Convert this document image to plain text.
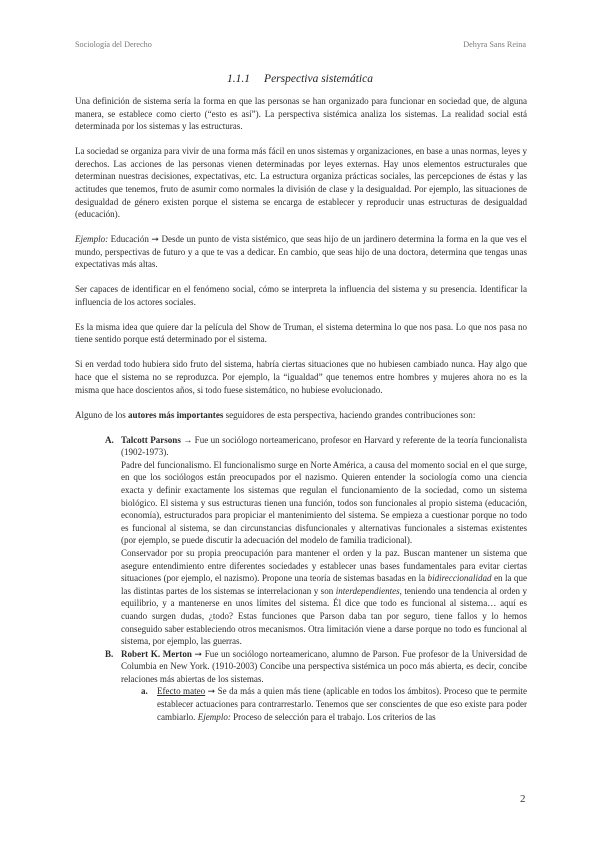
Sociología del Derecho	Dehyra Sans Reina
1.1.1 Perspectiva sistemática

Una definición de sistema sería la forma en que las personas se han organizado para funcionar en sociedad que, de alguna manera, se establece como cierto (“esto es así”). La perspectiva sistémica analiza los sistemas. La realidad social está determinada por los sistemas y las estructuras.

La sociedad se organiza para vivir de una forma más fácil en unos sistemas y organizaciones, en base a unas normas, leyes y derechos. Las acciones de las personas vienen determinadas por leyes externas. Hay unos elementos estructurales que determinan nuestras decisiones, expectativas, etc. La estructura organiza prácticas sociales, las percepciones de éstas y las actitudes que tenemos, fruto de asumir como normales la división de clase y la desigualdad. Por ejemplo, las situaciones de desigualdad de género existen porque el sistema se encarga de establecer y reproducir unas estructuras de desigualdad (educación).

Ejemplo: Educación ➞ Desde un punto de vista sistémico, que seas hijo de un jardinero determina la forma en la que ves el mundo, perspectivas de futuro y a que te vas a dedicar. En cambio, que seas hijo de una doctora, determina que tengas unas expectativas más altas.

Ser capaces de identificar en el fenómeno social, cómo se interpreta la influencia del sistema y su presencia. Identificar la influencia de los actores sociales.

Es la misma idea que quiere dar la película del Show de Truman, el sistema determina lo que nos pasa. Lo que nos pasa no tiene sentido porque está determinado por el sistema.

Si en verdad todo hubiera sido fruto del sistema, habría ciertas situaciones que no hubiesen cambiado nunca. Hay algo que hace que el sistema no se reproduzca. Por ejemplo, la “igualdad” que tenemos entre hombres y mujeres ahora no es la misma que hace doscientos años, si todo fuese sistemático, no hubiese evolucionado.

Alguno de los autores más importantes seguidores de esta perspectiva, haciendo grandes contribuciones son:

A. Talcott Parsons → Fue un sociólogo norteamericano, profesor en Harvard y referente de la teoría funcionalista (1902-1973).

Padre del funcionalismo. El funcionalismo surge en Norte América, a causa del momento social en el que surge, en que los sociólogos están preocupados por el nazismo. Quieren entender la sociología como una ciencia exacta y definir exactamente los sistemas que regulan el funcionamiento de la sociedad, como un sistema biológico. El sistema y sus estructuras tienen una función, todos son funcionales al propio sistema (educación, economía), estructurados para propiciar el mantenimiento del sistema. Se empieza a cuestionar porque no todo es funcional al sistema, se dan circunstancias disfuncionales y alternativas funcionales a sistemas existentes (por ejemplo, se puede discutir la adecuación del modelo de familia tradicional).

Conservador por su propia preocupación para mantener el orden y la paz. Buscan mantener un sistema que asegure entendimiento entre diferentes sociedades y establecer unas bases fundamentales para evitar ciertas situaciones (por ejemplo, el nazismo). Propone una teoría de sistemas basadas en la bidireccionalidad en la que las distintas partes de los sistemas se interrelacionan y son interdependientes, teniendo una tendencia al orden y equilibrio, y a mantenerse en unos límites del sistema. Él dice que todo es funcional al sistema… aquí es cuando surgen dudas, ¿todo? Estas funciones que Parson daba tan por seguro, tiene fallos y lo hemos conseguido saber estableciendo otros mecanismos. Otra limitación viene a darse porque no todo es funcional al sistema, por ejemplo, las guerras.

B. Robert K. Merton ➞ Fue un sociólogo norteamericano, alumno de Parson. Fue profesor de la Universidad de Columbia en New York. (1910-2003) Concibe una perspectiva sistémica un poco más abierta, es decir, concibe relaciones más abiertas de los sistemas.

a.	Efecto mateo ➞ Se da más a quien más tiene (aplicable en todos los ámbitos). Proceso que te permite establecer actuaciones para contrarrestarlo. Tenemos que ser conscientes de que eso existe para poder cambiarlo. Ejemplo: Proceso de selección para el trabajo. Los criterios de las

2
